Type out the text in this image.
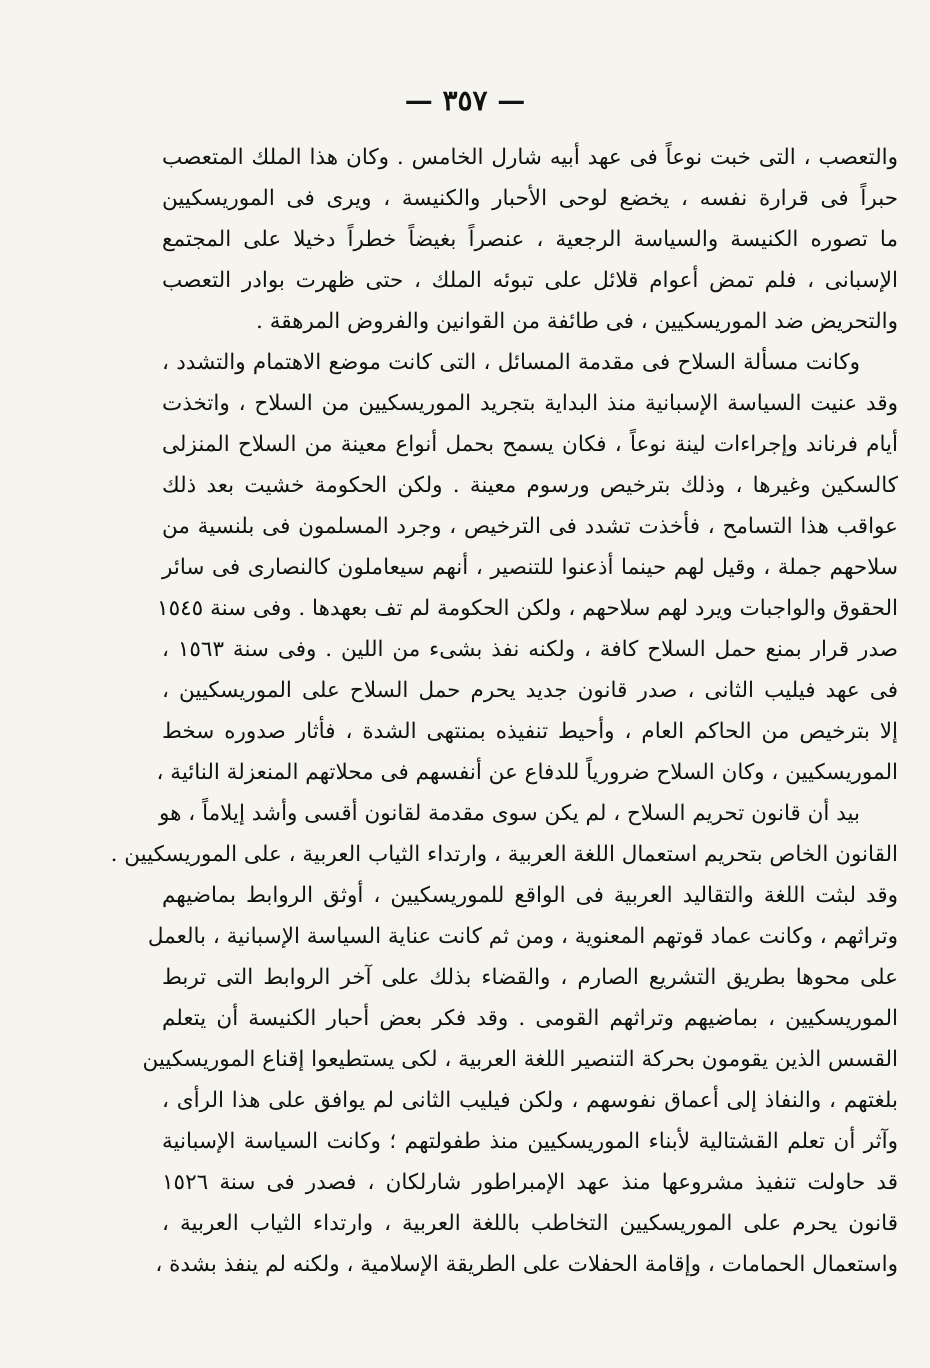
— ٣٥٧ —
والتعصب ، التى خبت نوعاً فى عهد أبيه شارل الخامس . وكان هذا الملك المتعصب
حبراً فى قرارة نفسه ، يخضع لوحى الأحبار والكنيسة ، ويرى فى الموريسكيين
ما تصوره الكنيسة والسياسة الرجعية ، عنصراً بغيضاً خطراً دخيلا على المجتمع
الإسبانى ، فلم تمض أعوام قلائل على تبوئه الملك ، حتى ظهرت بوادر التعصب
والتحريض ضد الموريسكيين ، فى طائفة من القوانين والفروض المرهقة .
وكانت مسألة السلاح فى مقدمة المسائل ، التى كانت موضع الاهتمام والتشدد ،
وقد عنيت السياسة الإسبانية منذ البداية بتجريد الموريسكيين من السلاح ، واتخذت
أيام فرناند وإجراءات لينة نوعاً ، فكان يسمح بحمل أنواع معينة من السلاح المنزلى
كالسكين وغيرها ، وذلك بترخيص ورسوم معينة . ولكن الحكومة خشيت بعد ذلك
عواقب هذا التسامح ، فأخذت تشدد فى الترخيص ، وجرد المسلمون فى بلنسية من
سلاحهم جملة ، وقيل لهم حينما أذعنوا للتنصير ، أنهم سيعاملون كالنصارى فى سائر
الحقوق والواجبات ويرد لهم سلاحهم ، ولكن الحكومة لم تف بعهدها . وفى سنة ١٥٤٥
صدر قرار بمنع حمل السلاح كافة ، ولكنه نفذ بشىء من اللين . وفى سنة ١٥٦٣ ،
فى عهد فيليب الثانى ، صدر قانون جديد يحرم حمل السلاح على الموريسكيين ،
إلا بترخيص من الحاكم العام ، وأحيط تنفيذه بمنتهى الشدة ، فأثار صدوره سخط
الموريسكيين ، وكان السلاح ضرورياً للدفاع عن أنفسهم فى محلاتهم المنعزلة النائية ،
بيد أن قانون تحريم السلاح ، لم يكن سوى مقدمة لقانون أقسى وأشد إيلاماً ، هو
القانون الخاص بتحريم استعمال اللغة العربية ، وارتداء الثياب العربية ، على الموريسكيين .
وقد لبثت اللغة والتقاليد العربية فى الواقع للموريسكيين ، أوثق الروابط بماضيهم
وتراثهم ، وكانت عماد قوتهم المعنوية ، ومن ثم كانت عناية السياسة الإسبانية ، بالعمل
على محوها بطريق التشريع الصارم ، والقضاء بذلك على آخر الروابط التى تربط
الموريسكيين ، بماضيهم وتراثهم القومى . وقد فكر بعض أحبار الكنيسة أن يتعلم
القسس الذين يقومون بحركة التنصير اللغة العربية ، لكى يستطيعوا إقناع الموريسكيين
بلغتهم ، والنفاذ إلى أعماق نفوسهم ، ولكن فيليب الثانى لم يوافق على هذا الرأى ،
وآثر أن تعلم القشتالية لأبناء الموريسكيين منذ طفولتهم ؛ وكانت السياسة الإسبانية
قد حاولت تنفيذ مشروعها منذ عهد الإمبراطور شارلكان ، فصدر فى سنة ١٥٢٦
قانون يحرم على الموريسكيين التخاطب باللغة العربية ، وارتداء الثياب العربية ،
واستعمال الحمامات ، وإقامة الحفلات على الطريقة الإسلامية ، ولكنه لم ينفذ بشدة ،
